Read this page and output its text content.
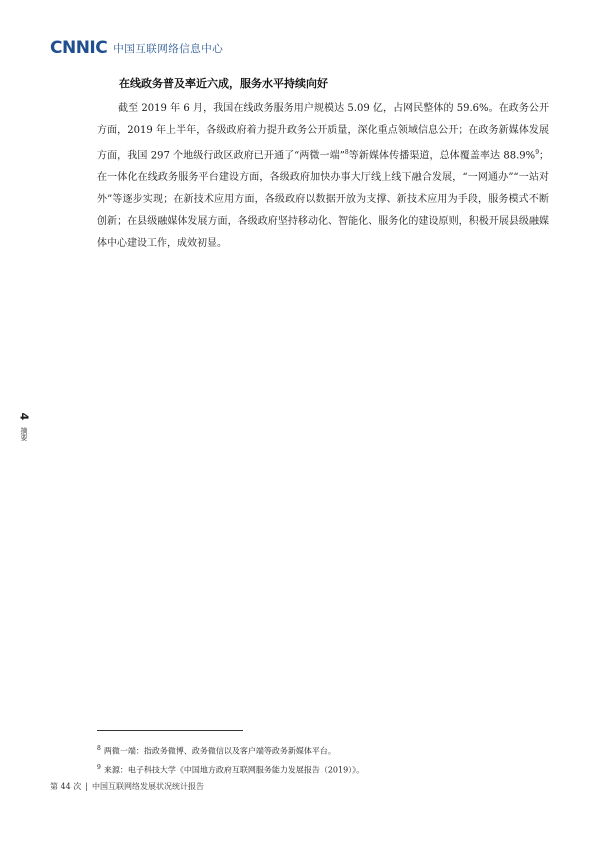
CNNIC 中国互联网络信息中心
在线政务普及率近六成，服务水平持续向好

截至 2019 年 6 月，我国在线政务服务用户规模达 5.09 亿，占网民整体的 59.6%。在政务公开方面，2019 年上半年，各级政府着力提升政务公开质量，深化重点领域信息公开；在政务新媒体发展方面，我国 297 个地级行政区政府已开通了“两微一端”$^8$等新媒体传播渠道，总体覆盖率达 88.9%$^9$；在一体化在线政务服务平台建设方面，各级政府加快办事大厅线上线下融合发展，“一网通办”“一站对外”等逐步实现；在新技术应用方面，各级政府以数据开放为支撑、新技术应用为手段，服务模式不断创新；在县级融媒体发展方面，各级政府坚持移动化、智能化、服务化的建设原则，积极开展县级融媒体中心建设工作，成效初显。

4
摘要
$^8$ 两微一端：指政务微博、政务微信以及客户端等政务新媒体平台。
$^9$ 来源：电子科技大学《中国地方政府互联网服务能力发展报告（2019）》。
第 44 次 | 中国互联网络发展状况统计报告
